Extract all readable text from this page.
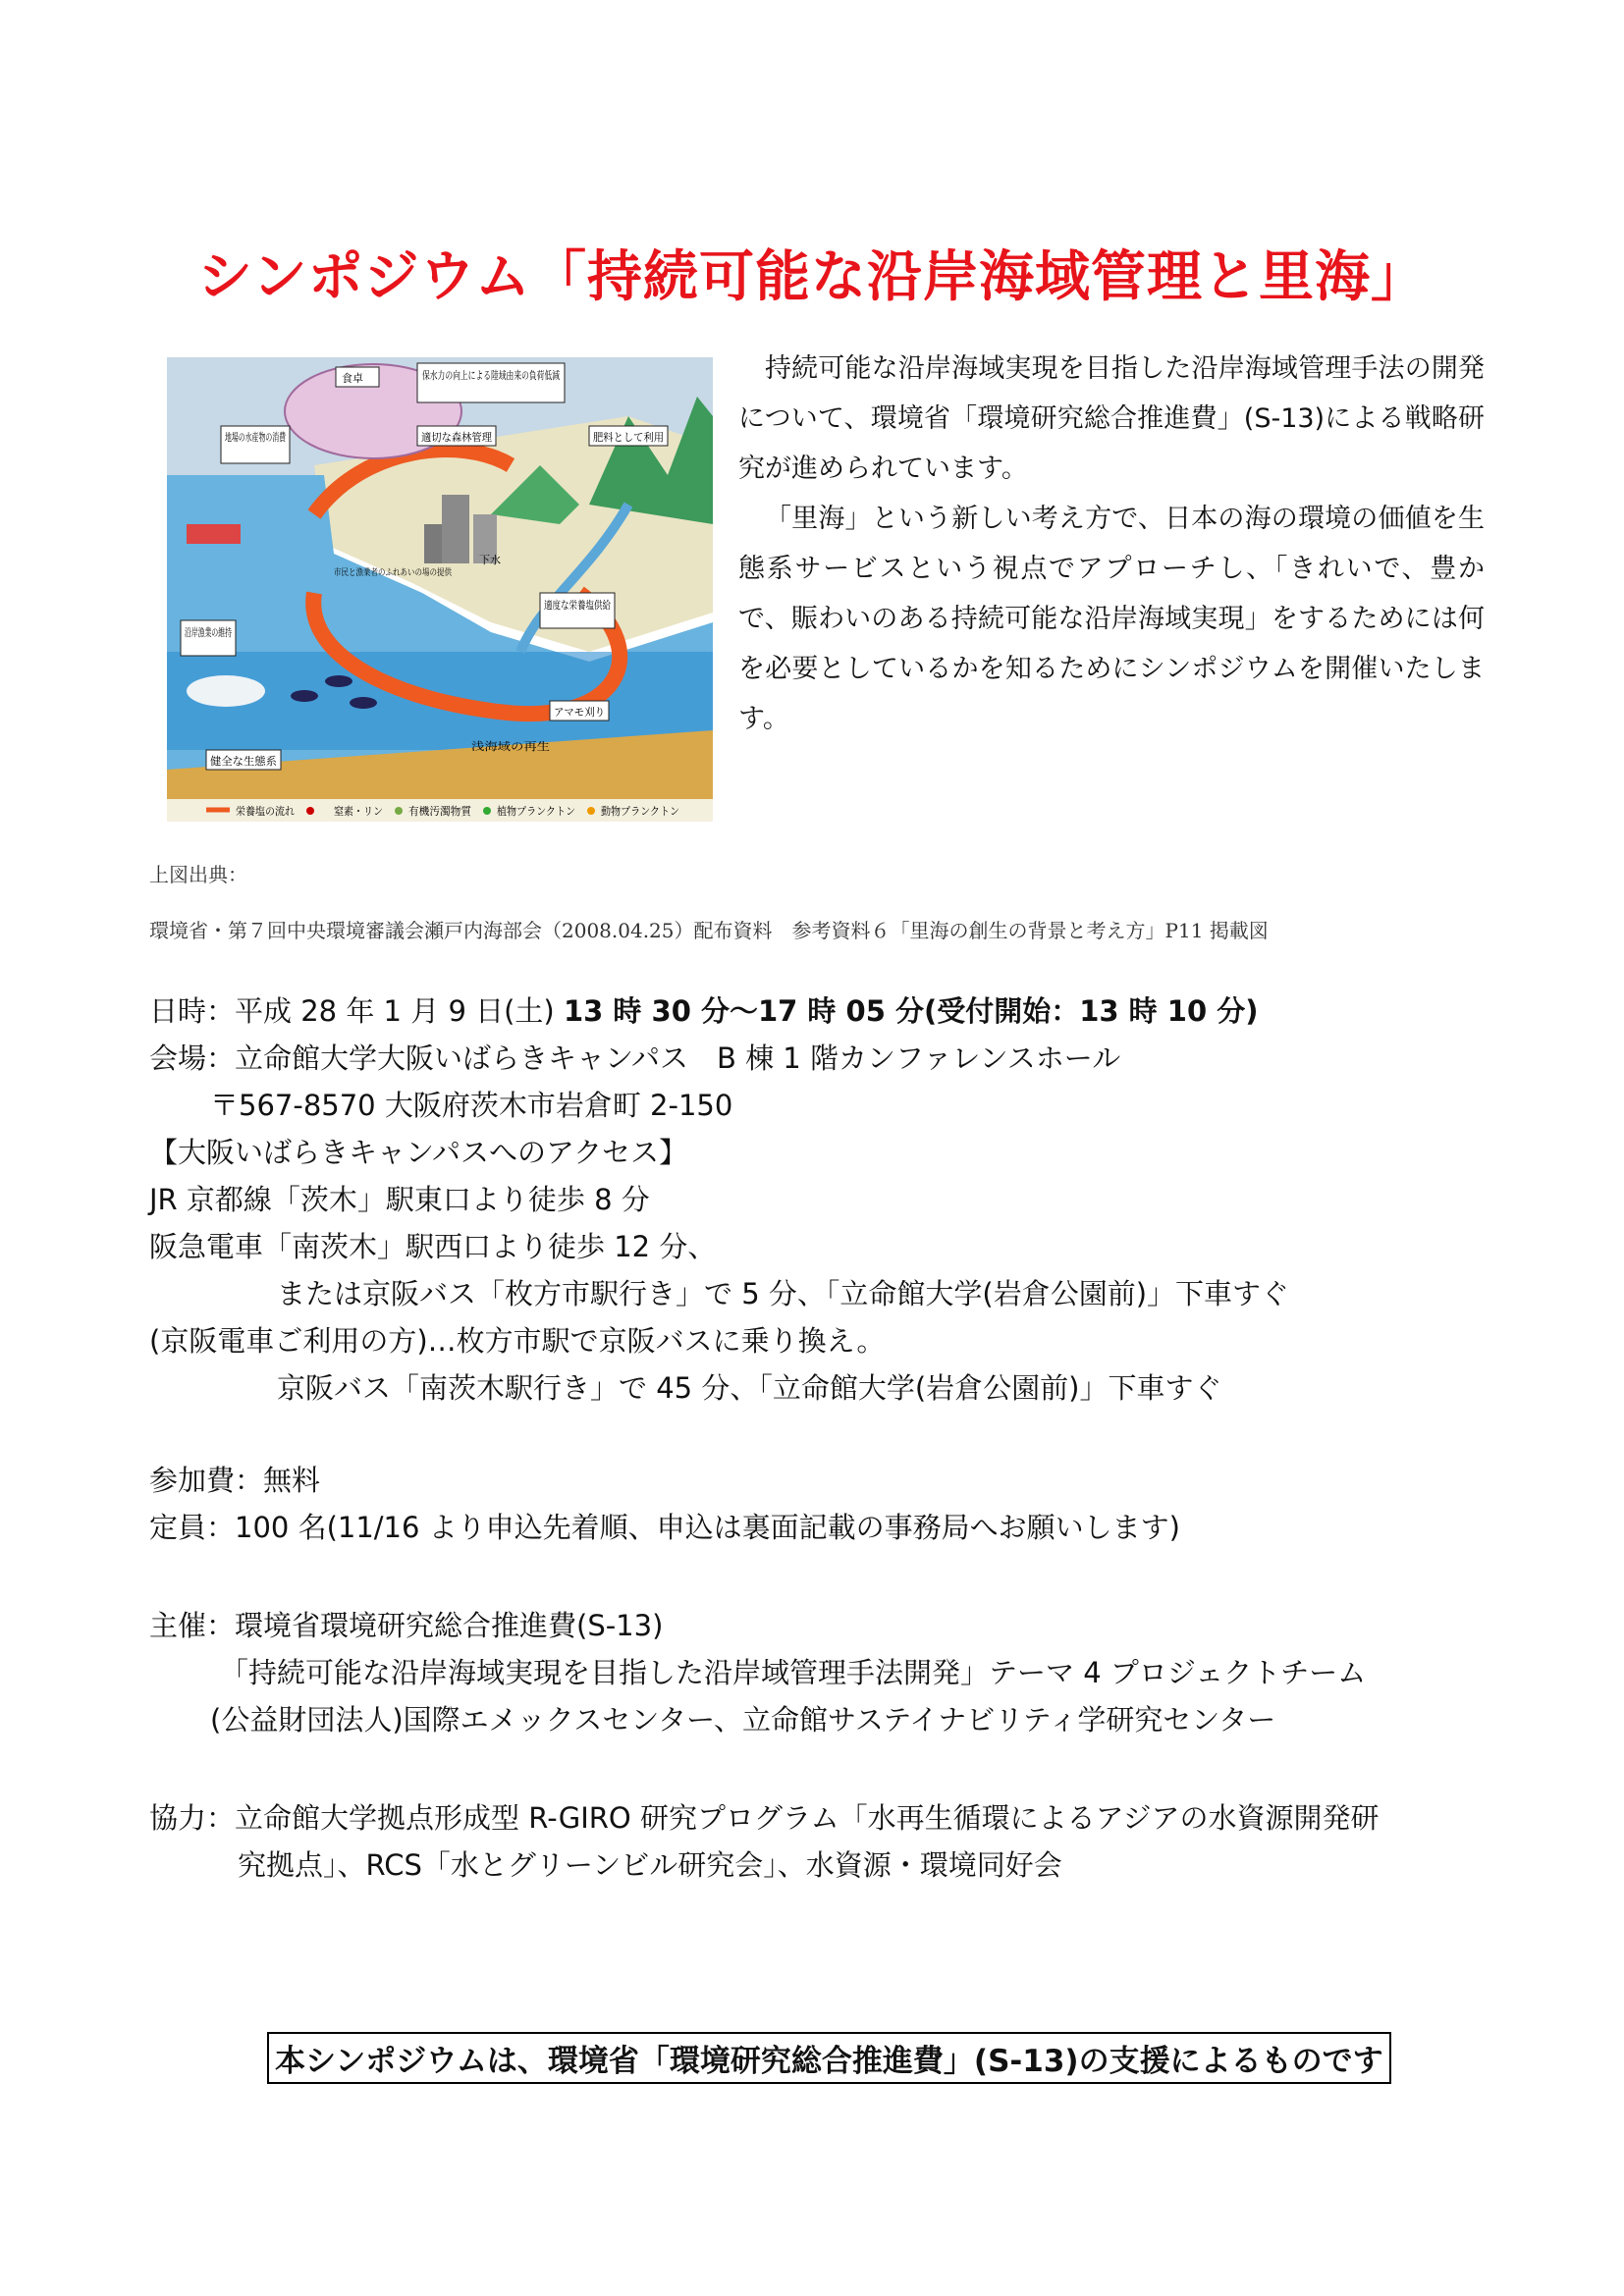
シンポジウム「持続可能な沿岸海域管理と里海」
食卓	保水力の向上による陸域由来の負荷低減
適切な森林管理	肥料として利用
地場の水産物の消費
下水
適度な栄養塩供給
沿岸漁業の維持
アマモ刈り
浅海域の再生
健全な生態系
市民と漁業者のふれあいの場の提供
栄養塩の流れ	窒素・リン 有機汚濁物質 植物プランクトン 動物プランクトン

持続可能な沿岸海域実現を目指した沿岸海域管理手法の開発について、環境省「環境研究総合推進費」(S-13)による戦略研究が進められています。

「里海」という新しい考え方で、日本の海の環境の価値を生態系サービスという視点でアプローチし、「きれいで、豊かで、賑わいのある持続可能な沿岸海域実現」をするためには何を必要としているかを知るためにシンポジウムを開催いたします。

上図出典：
環境省・第７回中央環境審議会瀬戸内海部会（2008.04.25）配布資料　参考資料６「里海の創生の背景と考え方」P11 掲載図
日時：平成 28 年 1 月 9 日(土) 13 時 30 分〜17 時 05 分(受付開始：13 時 10 分)
会場：立命館大学大阪いばらきキャンパス　B 棟 1 階カンファレンスホール
〒567-8570 大阪府茨木市岩倉町 2-150
【大阪いばらきキャンパスへのアクセス】
JR 京都線「茨木」駅東口より徒歩 8 分
阪急電車「南茨木」駅西口より徒歩 12 分、
または京阪バス「枚方市駅行き」で 5 分、「立命館大学(岩倉公園前)」下車すぐ
(京阪電車ご利用の方)…枚方市駅で京阪バスに乗り換え。
京阪バス「南茨木駅行き」で 45 分、「立命館大学(岩倉公園前)」下車すぐ
参加費：無料
定員：100 名(11/16 より申込先着順、申込は裏面記載の事務局へお願いします)
主催：環境省環境研究総合推進費(S-13)
「持続可能な沿岸海域実現を目指した沿岸域管理手法開発」テーマ 4 プロジェクトチーム
(公益財団法人)国際エメックスセンター、立命館サステイナビリティ学研究センター
協力：立命館大学拠点形成型 R-GIRO 研究プログラム「水再生循環によるアジアの水資源開発研
究拠点」、RCS「水とグリーンビル研究会」、水資源・環境同好会
本シンポジウムは、環境省「環境研究総合推進費」(S-13)の支援によるものです
